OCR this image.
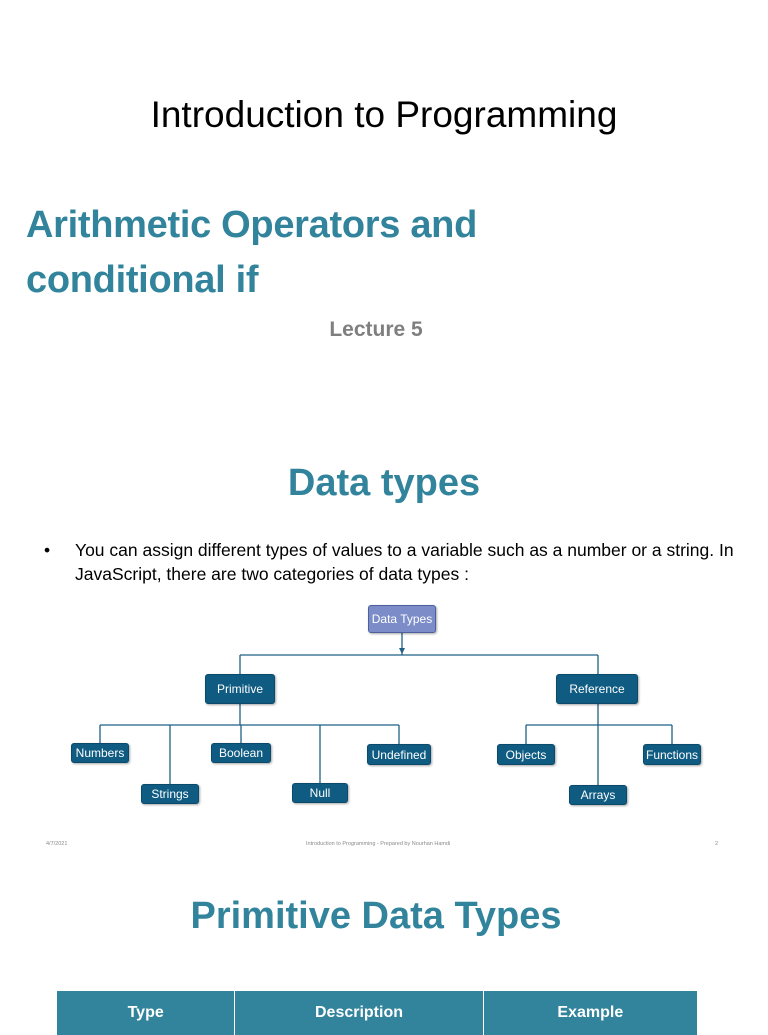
Introduction to Programming
Arithmetic Operators and
conditional if
Lecture 5
Data types
• You can assign different types of values to a variable such as a number or a string. In JavaScript, there are two categories of data types :
Data Types
Primitive	Reference
Numbers
Strings
Boolean
Null
Undefined	Objects
Arrays
Functions
4/7/2021	Introduction to Programming - Prepared by Nourhan Hamdi	2
Primitive Data Types
Type	Description	Example
